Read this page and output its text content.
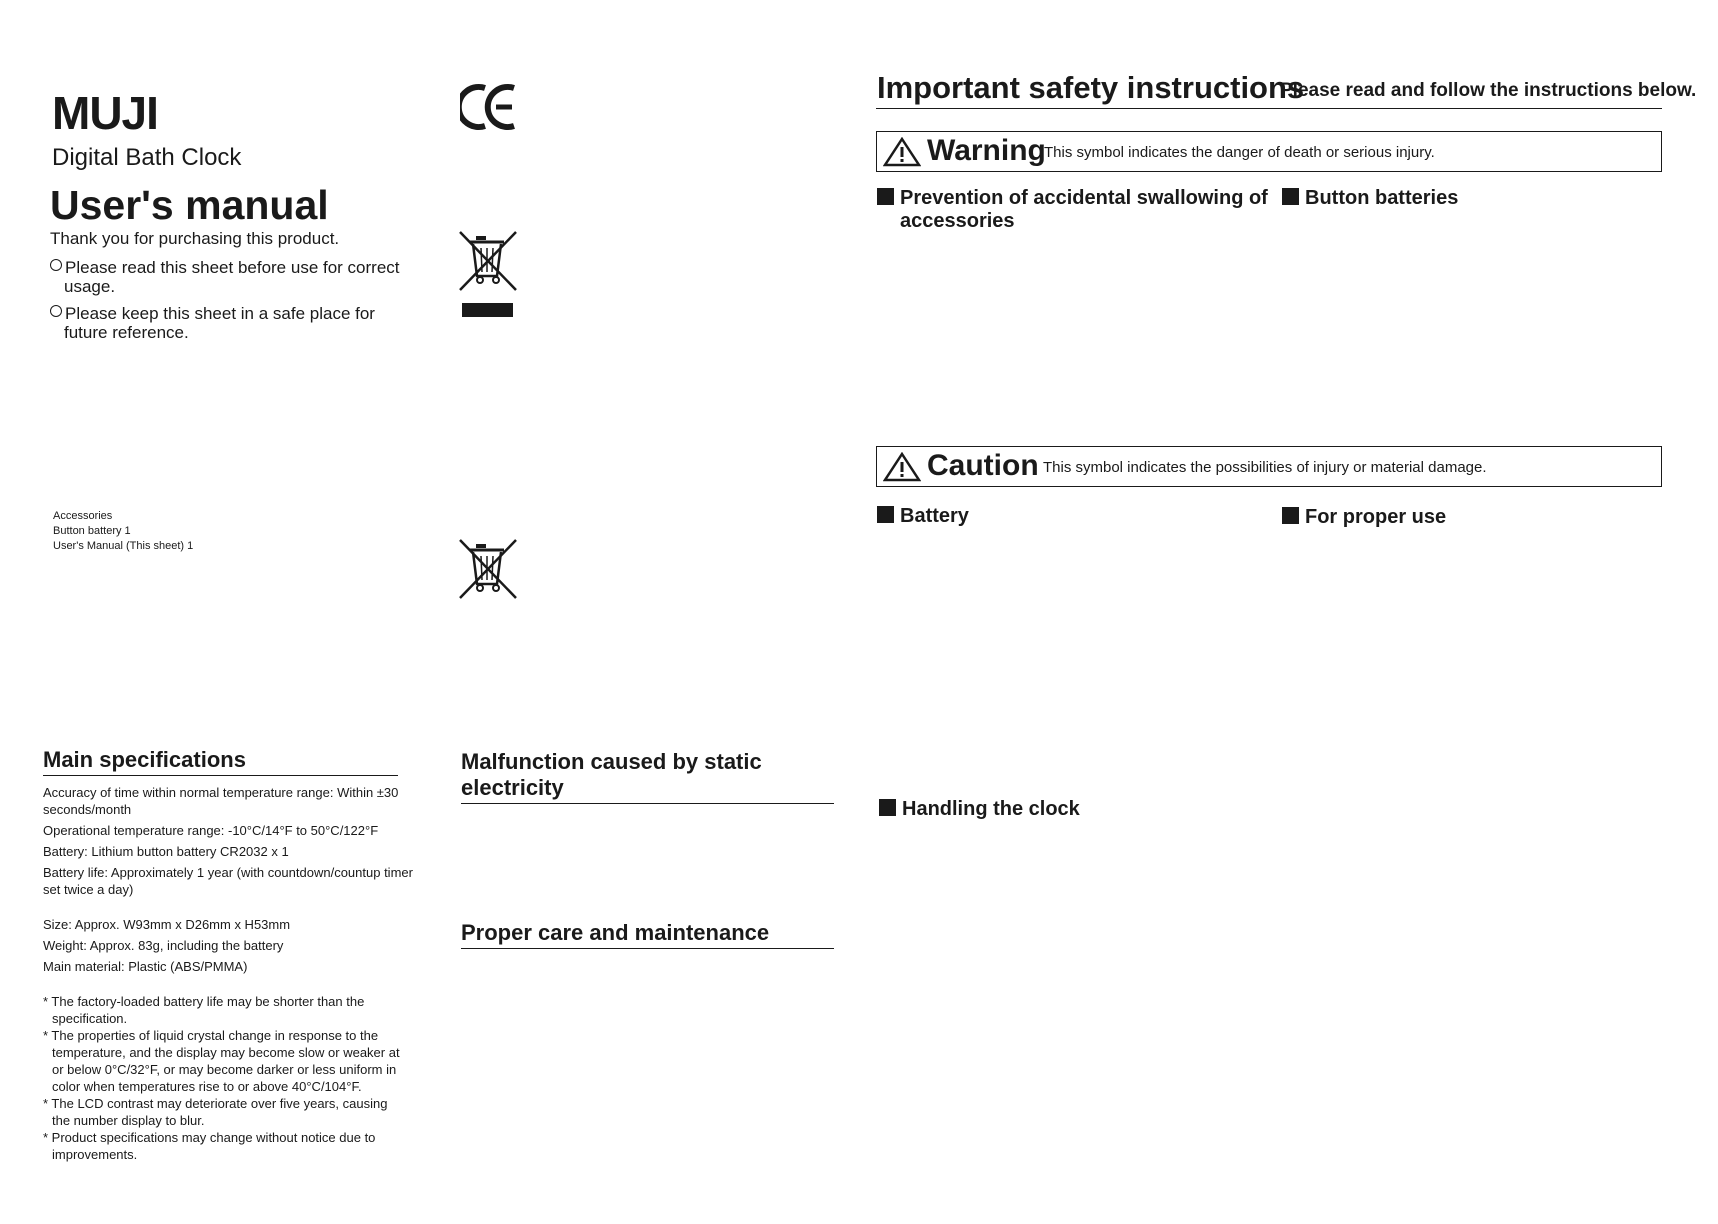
MUJI
Digital Bath Clock
User's manual
Thank you for purchasing this product.
Please read this sheet before use for correct
usage.
Please keep this sheet in a safe place for
future reference.
Accessories
Button battery 1
User's Manual (This sheet) 1
Main specifications

Accuracy of time within normal temperature range: Within ±30
seconds/month

Operational temperature range: -10°C/14°F to 50°C/122°F

Battery: Lithium button battery CR2032 x 1

Battery life: Approximately 1 year (with countdown/countup timer
set twice a day)

Size: Approx. W93mm x D26mm x H53mm

Weight: Approx. 83g, including the battery

Main material: Plastic (ABS/PMMA)

* The factory-loaded battery life may be shorter than the
specification.

* The properties of liquid crystal change in response to the
temperature, and the display may become slow or weaker at
or below 0°C/32°F, or may become darker or less uniform in
color when temperatures rise to or above 40°C/104°F.

* The LCD contrast may deteriorate over five years, causing
the number display to blur.

* Product specifications may change without notice due to
improvements.

Malfunction caused by static electricity
Proper care and maintenance
Important safety instructions
Please read and follow the instructions below.
Warning
This symbol indicates the danger of death or serious injury.
Prevention of accidental swallowing of
accessories
Button batteries
Caution This symbol indicates the possibilities of injury or material damage.
Battery	For proper use
Handling the clock
